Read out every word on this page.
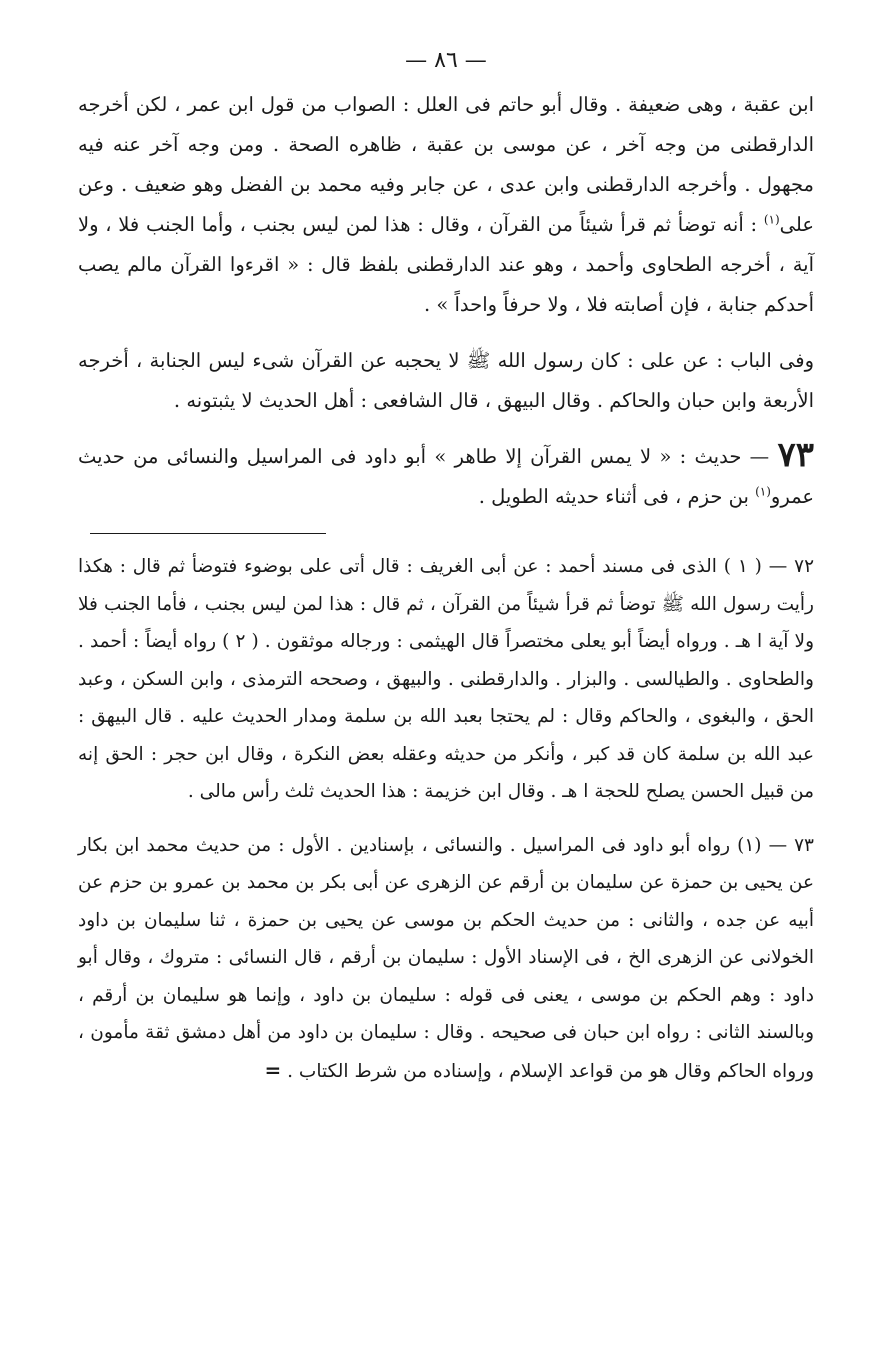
— ٨٦ —

ابن عقبة ، وهى ضعيفة . وقال أبو حاتم فى العلل : الصواب من قول ابن عمر ، لكن أخرجه الدارقطنى من وجه آخر ، عن موسى بن عقبة ، ظاهره الصحة . ومن وجه آخر عنه فيه مجهول . وأخرجه الدارقطنى وابن عدى ، عن جابر وفيه محمد بن الفضل وهو ضعيف . وعن على$^{(١)}$ : أنه توضأ ثم قرأ شيئاً من القرآن ، وقال : هذا لمن ليس بجنب ، وأما الجنب فلا ، ولا آية ، أخرجه الطحاوى وأحمد ، وهو عند الدارقطنى بلفظ قال : « اقرءوا القرآن مالم يصب أحدكم جنابة ، فإن أصابته فلا ، ولا حرفاً واحداً » .

وفى الباب : عن على : كان رسول الله ﷺ لا يحجبه عن القرآن شىء ليس الجنابة ، أخرجه الأربعة وابن حبان والحاكم . وقال البيهق ، قال الشافعى : أهل الحديث لا يثبتونه .

٧٣ — حديث : « لا يمس القرآن إلا طاهر » أبو داود فى المراسيل والنسائى من حديث عمرو$^{(١)}$ بن حزم ، فى أثناء حديثه الطويل .

٧٢ — ( ١ ) الذى فى مسند أحمد : عن أبى الغريف : قال أتى على بوضوء فتوضأ ثم قال : هكذا رأيت رسول الله ﷺ توضأ ثم قرأ شيئاً من القرآن ، ثم قال : هذا لمن ليس بجنب ، فأما الجنب فلا ولا آية ا هـ . ورواه أيضاً أبو يعلى مختصراً قال الهيثمى : ورجاله موثقون . ( ٢ ) رواه أيضاً : أحمد . والطحاوى . والطيالسى . والبزار . والدارقطنى . والبيهق ، وصححه الترمذى ، وابن السكن ، وعبد الحق ، والبغوى ، والحاكم وقال : لم يحتجا بعبد الله بن سلمة ومدار الحديث عليه . قال البيهق : عبد الله بن سلمة كان قد كبر ، وأنكر من حديثه وعقله بعض النكرة ، وقال ابن حجر : الحق إنه من قبيل الحسن يصلح للحجة ا هـ . وقال ابن خزيمة : هذا الحديث ثلث رأس مالى .

٧٣ — (١) رواه أبو داود فى المراسيل . والنسائى ، بإسنادين . الأول : من حديث محمد ابن بكار عن يحيى بن حمزة عن سليمان بن أرقم عن الزهرى عن أبى بكر بن محمد بن عمرو بن حزم عن أبيه عن جده ، والثانى : من حديث الحكم بن موسى عن يحيى بن حمزة ، ثنا سليمان بن داود الخولانى عن الزهرى الخ ، فى الإسناد الأول : سليمان بن أرقم ، قال النسائى : متروك ، وقال أبو داود : وهم الحكم بن موسى ، يعنى فى قوله : سليمان بن داود ، وإنما هو سليمان بن أرقم ، وبالسند الثانى : رواه ابن حبان فى صحيحه . وقال : سليمان بن داود من أهل دمشق ثقة مأمون ، ورواه الحاكم وقال هو من قواعد الإسلام ، وإسناده من شرط الكتاب . =
